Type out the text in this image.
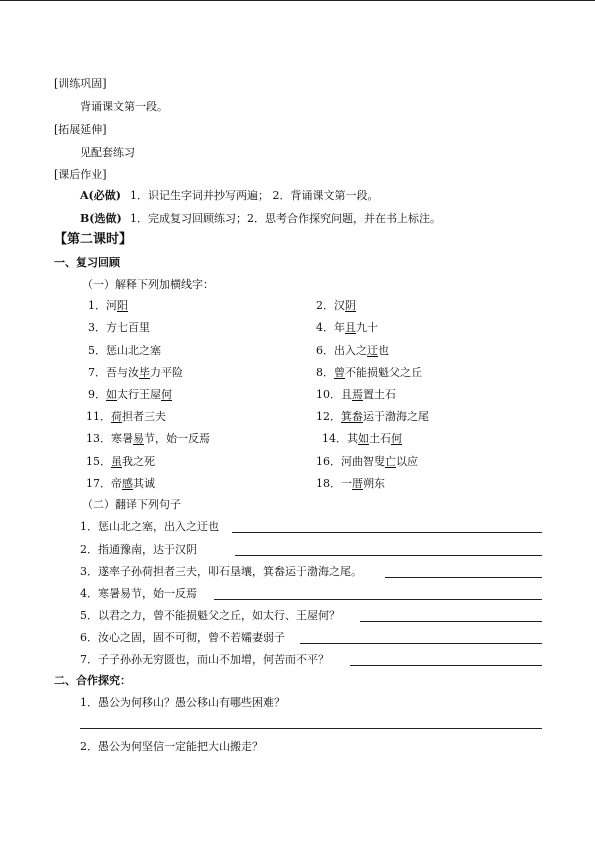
[训练巩固]
背诵课文第一段。
[拓展延伸]
见配套练习
[课后作业]
A(必做) 1．识记生字词并抄写两遍； 2．背诵课文第一段。
B(选做) 1．完成复习回顾练习；2．思考合作探究问题，并在书上标注。
【第二课时】
一、复习回顾
（一）解释下列加横线字：
1．河阳	2．汉阴
3．方七百里	4．年且九十
5．惩山北之塞	6．出入之迂也
7．吾与汝毕力平险	8．曾不能损魁父之丘
9．如太行王屋何	10．且焉置土石
11．荷担者三夫	12．箕畚运于渤海之尾
13．寒暑易节，始一反焉	14．其如土石何
15．虽我之死	16．河曲智叟亡以应
17．帝感其诚	18．一厝朔东
（二）翻译下列句子
1．惩山北之塞，出入之迂也
2．指通豫南，达于汉阴
3．遂率子孙荷担者三夫，叩石垦壤，箕畚运于渤海之尾。
4．寒暑易节，始一反焉
5．以君之力，曾不能损魁父之丘，如太行、王屋何？
6．汝心之固，固不可彻，曾不若孀妻弱子
7．子子孙孙无穷匮也，而山不加增，何苦而不平？
二、合作探究：
1．愚公为何移山？愚公移山有哪些困难？
2．愚公为何坚信一定能把大山搬走？
